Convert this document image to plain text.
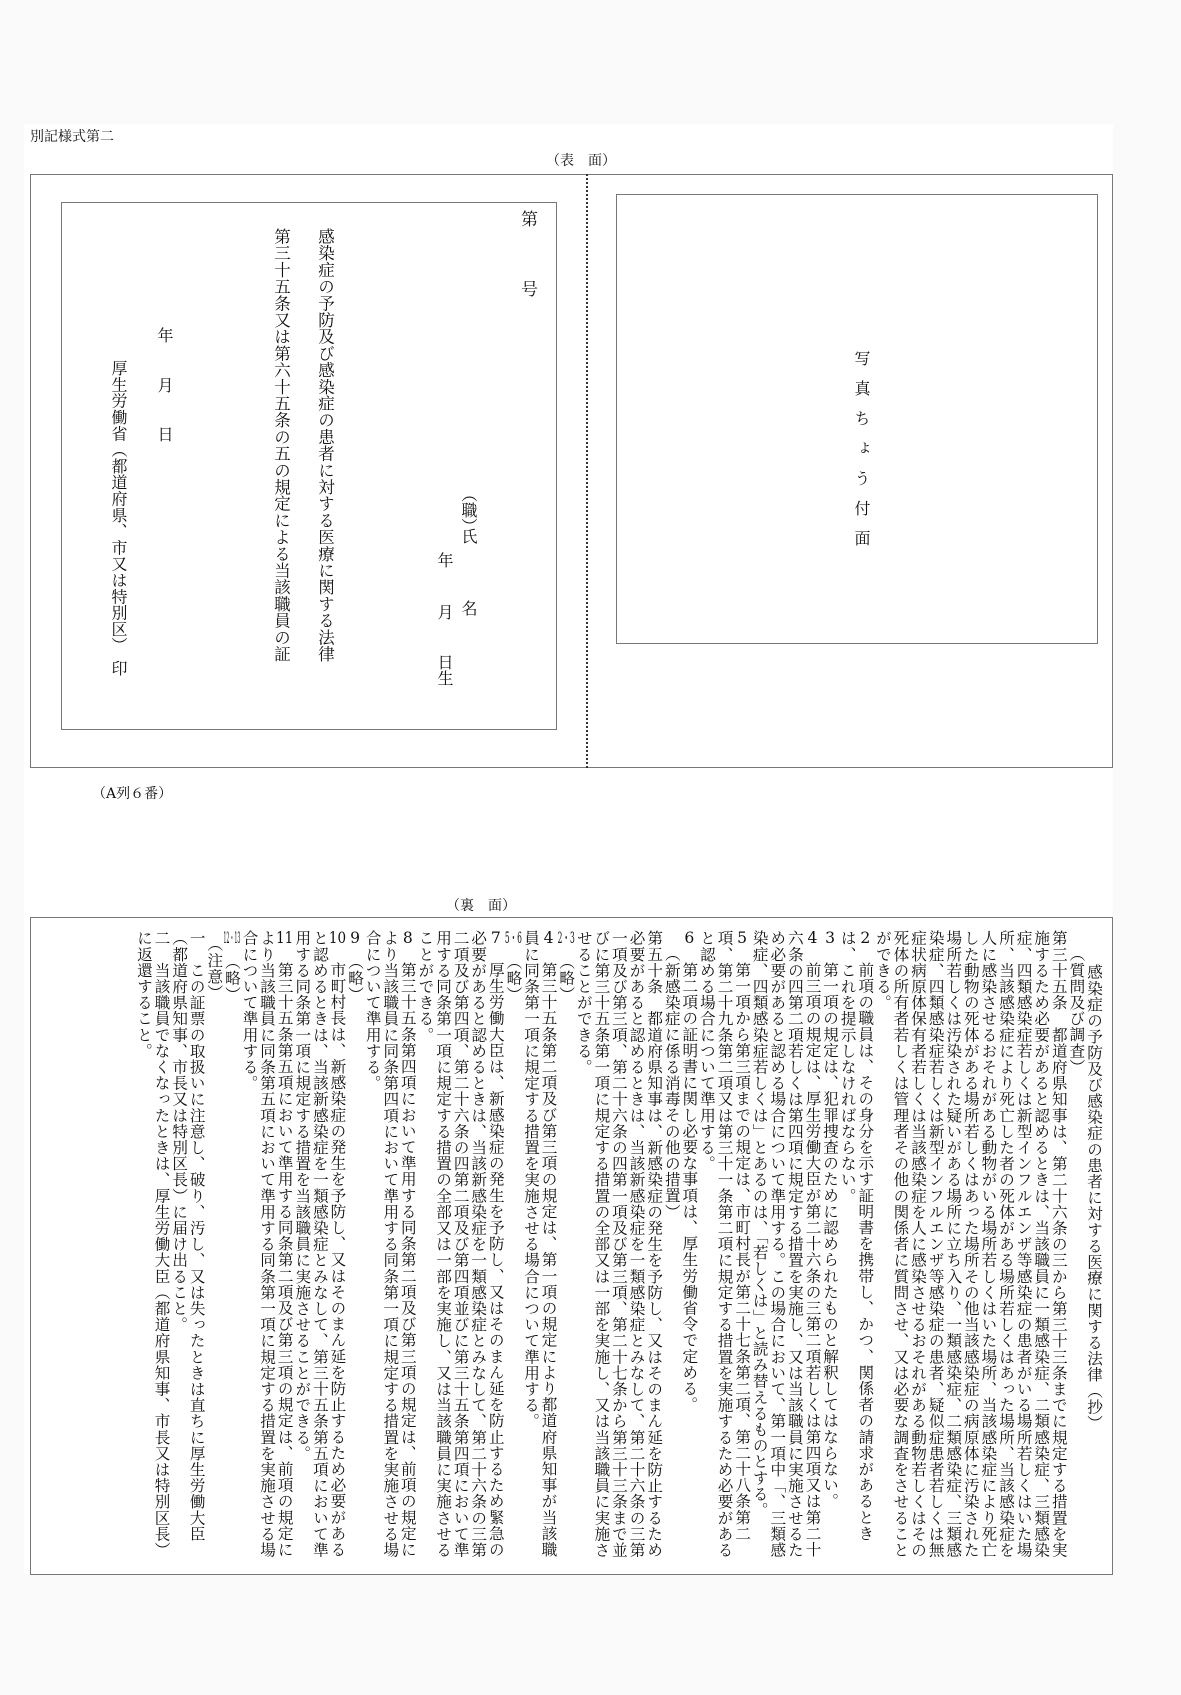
別記様式第二
（表　面）
第
号
感染症の予防及び感染症の患者に対する医療に関する法律
第三十五条又は第六十五条の五の規定による当該職員の証	（職）
氏　名
年
月
日生
年
月
日
厚生労働省（都道府県、市又は特別区）
印
写真ちょう付面
（A列６番）
（裏　面）

感染症の予防及び感染症の患者に対する医療に関する法律（抄）

（質問及び調査）

第三十五条　都道府県知事は、第二十六条の三から第三十三条までに規定する措置を実施するため必要があると認めるときは、当該職員に一類感染症、二類感染症、三類感染症、四類感染症若しくは新型インフルエンザ等感染症の患者がいる場所若しくはいた場所、当該感染症により死亡した者の死体がある場所若しくはあった場所、当該感染症を人に感染させるおそれがある動物がいる場所若しくはいた場所、当該感染症により死亡した動物の死体がある場所若しくはあった場所その他当該感染症の病原体に汚染された場所若しくは汚染された疑いがある場所に立ち入り、一類感染症、二類感染症、三類感染症、四類感染症若しくは新型インフルエンザ等感染症の患者、疑似症患者若しくは無症状病原体保有者若しくは当該感染症を人に感染させるおそれがある動物若しくはその死体の所有者若しくは管理者その他の関係者に質問させ、又は必要な調査をさせることができる。

2　前項の職員は、その身分を示す証明書を携帯し、かつ、関係者の請求があるときは、これを提示しなければならない。

3　第一項の規定は、犯罪捜査のために認められたものと解釈してはならない。

4　前三項の規定は、厚生労働大臣が第二十六条の三第二項若しくは第四項又は第二十六条の四第二項若しくは第四項に規定する措置を実施し、又は当該職員に実施させるため必要があると認める場合について準用する。この場合において、第一項中「、三類感染症、四類感染症若しくは」とあるのは、「若しくは」と読み替えるものとする。

5　第一項から第三項までの規定は、市町村長が第二十七条第二項、第二十八条第二項、第二十九条第二項又は第三十一条第二項に規定する措置を実施するため必要があると認める場合について準用する。

6　第二項の証明書に関し必要な事項は、厚生労働省令で定める。

（新感染症に係る消毒その他の措置）

第五十条　都道府県知事は、新感染症の発生を予防し、又はそのまん延を防止するため必要があると認めるときは、当該新感染症を一類感染症とみなして、第二十六条の三第一項及び第三項、第二十六条の四第一項及び第三項、第二十七条から第三十三条まで並びに第三十五条第一項に規定する措置の全部又は一部を実施し、又は当該職員に実施させることができる。

2・3　（略）

4　第三十五条第二項及び第三項の規定は、第一項の規定により都道府県知事が当該職員に同条第一項に規定する措置を実施させる場合について準用する。

5・6　（略）

7　厚生労働大臣は、新感染症の発生を予防し、又はそのまん延を防止するため緊急の必要があると認めるときは、当該新感染症を一類感染症とみなして、第二十六条の三第二項及び第四項、第二十六条の四第二項及び第四項並びに第三十五条第四項において準用する同条第一項に規定する措置の全部又は一部を実施し、又は当該職員に実施させることができる。

8　第三十五条第四項において準用する同条第二項及び第三項の規定は、前項の規定により当該職員に同条第四項において準用する同条第一項に規定する措置を実施させる場合について準用する。

9　（略）

10　市町村長は、新感染症の発生を予防し、又はそのまん延を防止するため必要があると認めるときは、当該新感染症を一類感染症とみなして、第三十五条第五項において準用する同条第一項に規定する措置を当該職員に実施させることができる。

11　第三十五条第五項において準用する同条第二項及び第三項の規定は、前項の規定により当該職員に同条第五項において準用する同条第一項に規定する措置を実施させる場合について準用する。

12・13　（略）

（注意）

一　この証票の取扱いに注意し、破り、汚し、又は失ったときは直ちに厚生労働大臣（都道府県知事、市長又は特別区長）に届け出ること。

二　当該職員でなくなったときは、厚生労働大臣（都道府県知事、市長又は特別区長）に返還すること。
